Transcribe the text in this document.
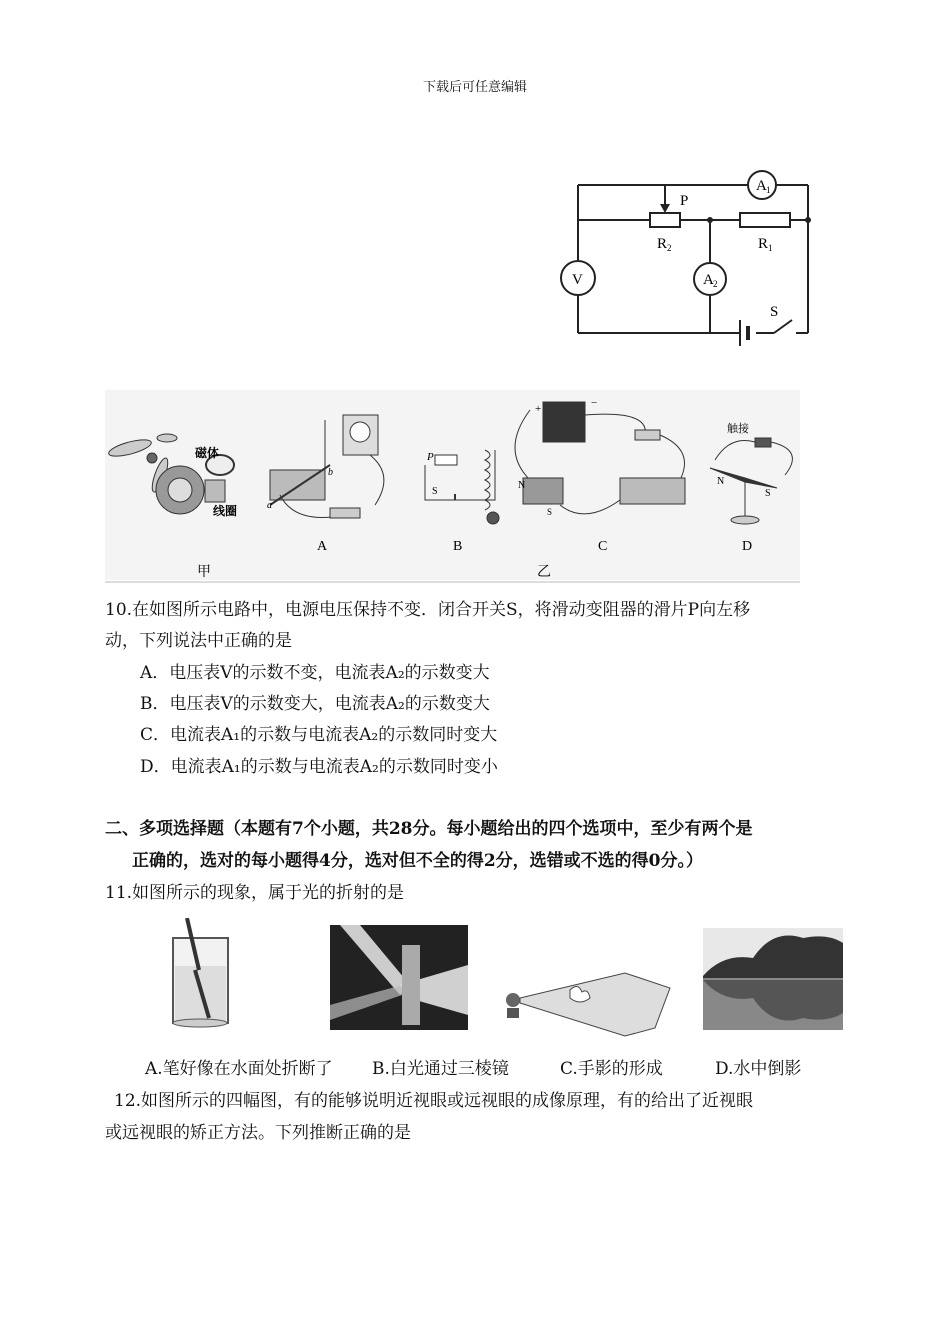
下载后可任意编辑
A 1
P
R 2	R 1
V	A 2
S
磁体
线圈
甲
a
b
A
P
S
B
+	−
N
S
C
乙
触接
N
S
D
10.在如图所示电路中，电源电压保持不变．闭合开关S，将滑动变阻器的滑片P向左移
动，下列说法中正确的是
A．电压表V的示数不变，电流表A₂的示数变大
B．电压表V的示数变大，电流表A₂的示数变大
C．电流表A₁的示数与电流表A₂的示数同时变大
D．电流表A₁的示数与电流表A₂的示数同时变小
二、多项选择题（本题有7个小题，共28分。每小题给出的四个选项中，至少有两个是
正确的，选对的每小题得4分，选对但不全的得2分，选错或不选的得0分。）
11.如图所示的现象，属于光的折射的是
A.笔好像在水面处折断了 B.白光通过三棱镜	C.手影的形成	D.水中倒影
12.如图所示的四幅图，有的能够说明近视眼或远视眼的成像原理，有的给出了近视眼
或远视眼的矫正方法。下列推断正确的是
